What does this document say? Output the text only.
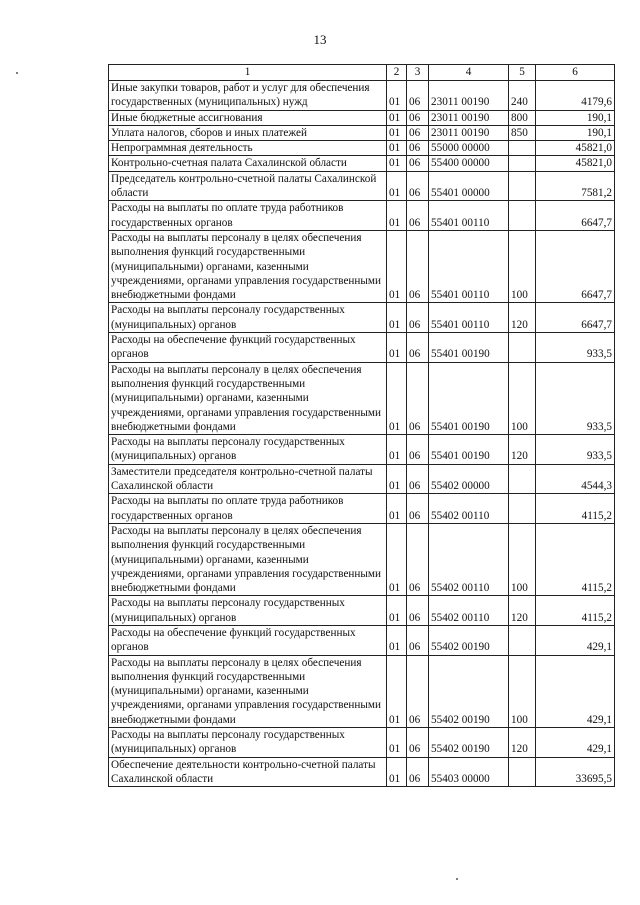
13
1	2	3	4	5	6
Иные закупки товаров, работ и услуг для обеспечения государственных (муниципальных) нужд	01	06	23011 00190	240	4179,6
Иные бюджетные ассигнования	01	06	23011 00190	800	190,1
Уплата налогов, сборов и иных платежей	01	06	23011 00190	850	190,1
Непрограммная деятельность	01	06	55000 00000		45821,0
Контрольно-счетная палата Сахалинской области	01	06	55400 00000		45821,0
Председатель контрольно-счетной палаты Сахалинской области	01	06	55401 00000		7581,2
Расходы на выплаты по оплате труда работников государственных органов	01	06	55401 00110		6647,7
Расходы на выплаты персоналу в целях обеспечения выполнения функций государственными (муниципальными) органами, казенными учреждениями, органами управления государственными внебюджетными фондами	01	06	55401 00110	100	6647,7
Расходы на выплаты персоналу государственных (муниципальных) органов	01	06	55401 00110	120	6647,7
Расходы на обеспечение функций государственных органов	01	06	55401 00190		933,5
Расходы на выплаты персоналу в целях обеспечения выполнения функций государственными (муниципальными) органами, казенными учреждениями, органами управления государственными внебюджетными фондами	01	06	55401 00190	100	933,5
Расходы на выплаты персоналу государственных (муниципальных) органов	01	06	55401 00190	120	933,5
Заместители председателя контрольно-счетной палаты Сахалинской области	01	06	55402 00000		4544,3
Расходы на выплаты по оплате труда работников государственных органов	01	06	55402 00110		4115,2
Расходы на выплаты персоналу в целях обеспечения выполнения функций государственными (муниципальными) органами, казенными учреждениями, органами управления государственными внебюджетными фондами	01	06	55402 00110	100	4115,2
Расходы на выплаты персоналу государственных (муниципальных) органов	01	06	55402 00110	120	4115,2
Расходы на обеспечение функций государственных органов	01	06	55402 00190		429,1
Расходы на выплаты персоналу в целях обеспечения выполнения функций государственными (муниципальными) органами, казенными учреждениями, органами управления государственными внебюджетными фондами	01	06	55402 00190	100	429,1
Расходы на выплаты персоналу государственных (муниципальных) органов	01	06	55402 00190	120	429,1
Обеспечение деятельности контрольно-счетной палаты Сахалинской области	01	06	55403 00000		33695,5
